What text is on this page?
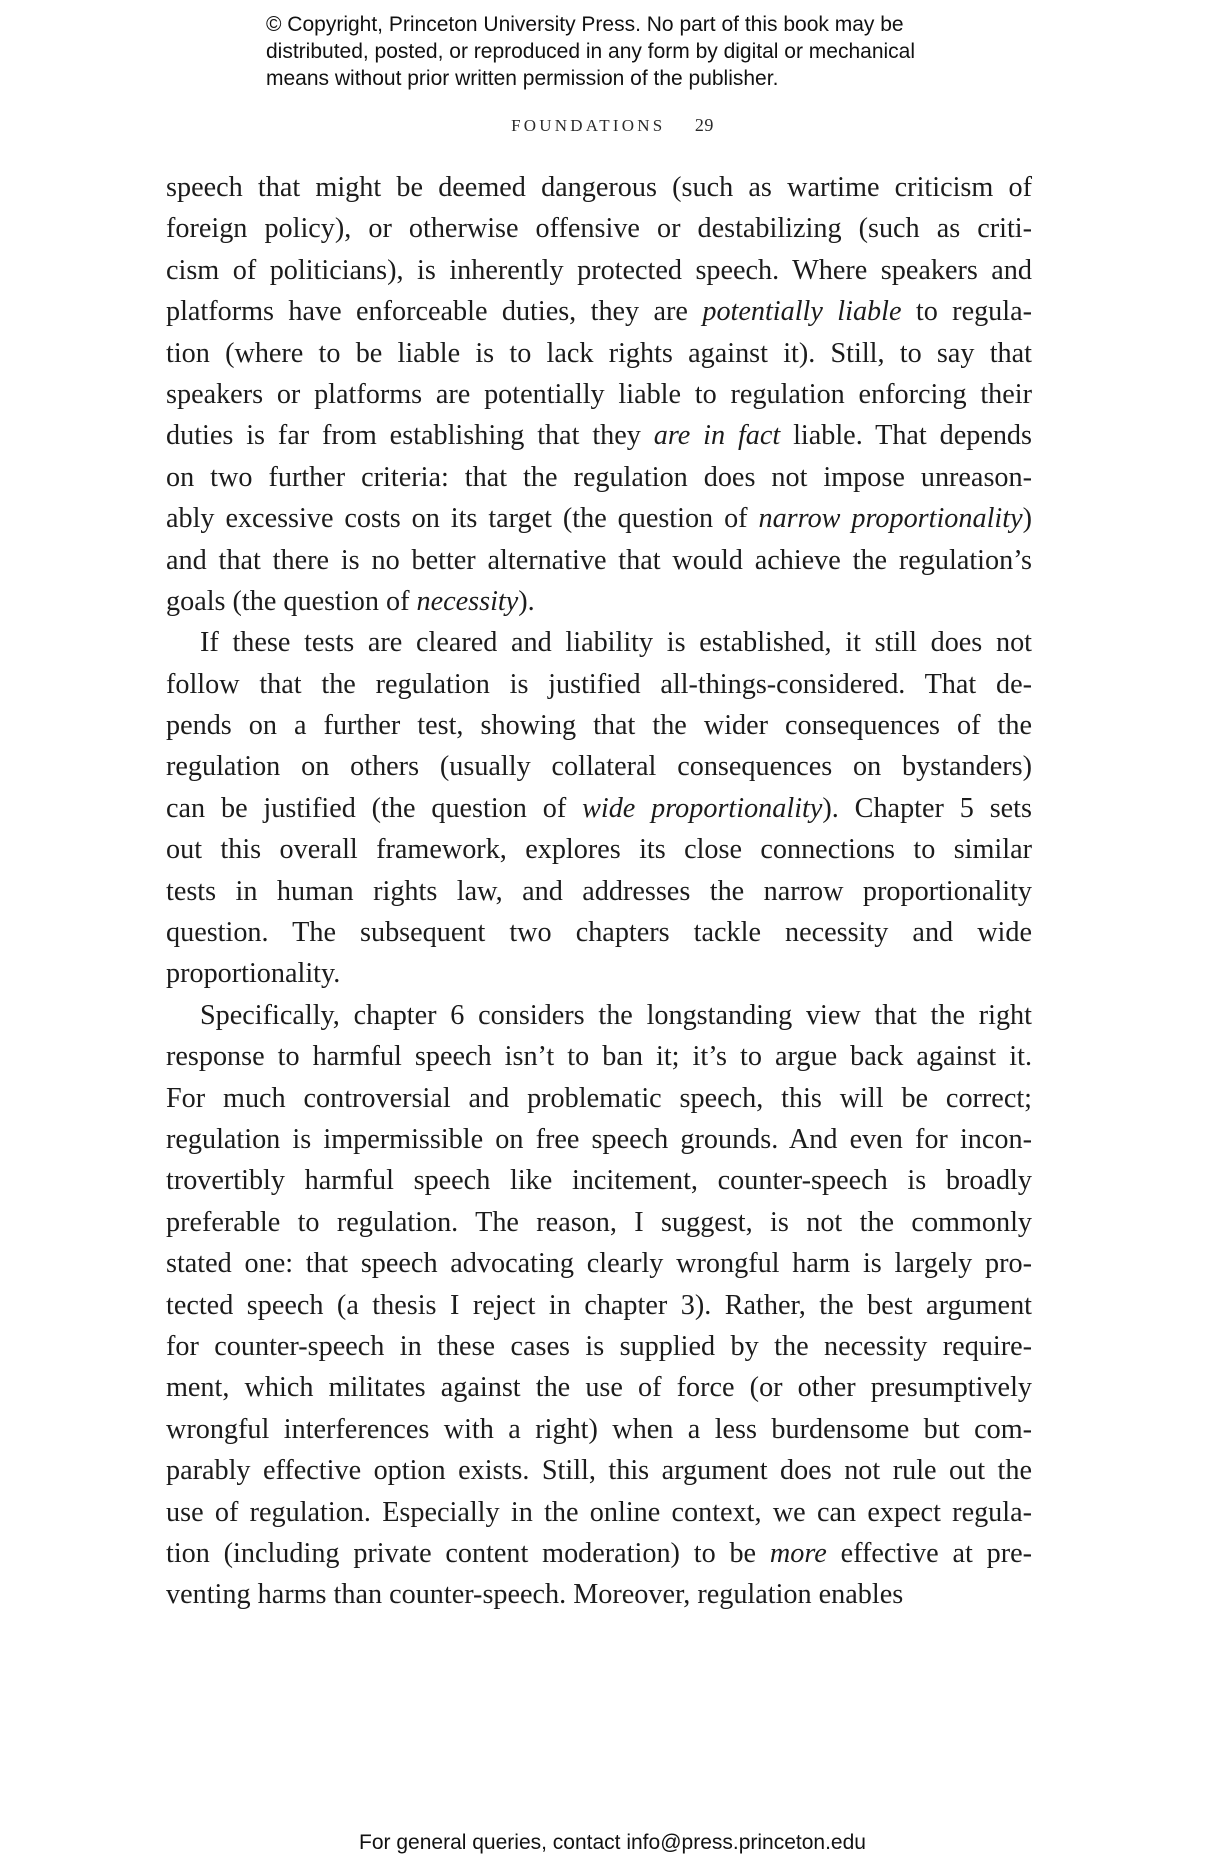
© Copyright, Princeton University Press. No part of this book may be
distributed, posted, or reproduced in any form by digital or mechanical
means without prior written permission of the publisher.
FOUNDATIONS 29
speech that might be deemed dangerous (such as wartime criticism of
foreign policy), or otherwise offensive or destabilizing (such as criti-
cism of politicians), is inherently protected speech. Where speakers and
platforms have enforceable duties, they are potentially liable to regula-
tion (where to be liable is to lack rights against it). Still, to say that
speakers or platforms are potentially liable to regulation enforcing their
duties is far from establishing that they are in fact liable. That depends
on two further criteria: that the regulation does not impose unreason-
ably excessive costs on its target (the question of narrow proportionality)
and that there is no better alternative that would achieve the regulation’s
goals (the question of necessity).
If these tests are cleared and liability is established, it still does not
follow that the regulation is justified all-things-considered. That de-
pends on a further test, showing that the wider consequences of the
regulation on others (usually collateral consequences on bystanders)
can be justified (the question of wide proportionality). Chapter 5 sets
out this overall framework, explores its close connections to similar
tests in human rights law, and addresses the narrow proportionality
question. The subsequent two chapters tackle necessity and wide
proportionality.
Specifically, chapter 6 considers the longstanding view that the right
response to harmful speech isn’t to ban it; it’s to argue back against it.
For much controversial and problematic speech, this will be correct;
regulation is impermissible on free speech grounds. And even for incon-
trovertibly harmful speech like incitement, counter-speech is broadly
preferable to regulation. The reason, I suggest, is not the commonly
stated one: that speech advocating clearly wrongful harm is largely pro-
tected speech (a thesis I reject in chapter 3). Rather, the best argument
for counter-speech in these cases is supplied by the necessity require-
ment, which militates against the use of force (or other presumptively
wrongful interferences with a right) when a less burdensome but com-
parably effective option exists. Still, this argument does not rule out the
use of regulation. Especially in the online context, we can expect regula-
tion (including private content moderation) to be more effective at pre-
venting harms than counter-speech. Moreover, regulation enables
For general queries, contact info@press.princeton.edu
